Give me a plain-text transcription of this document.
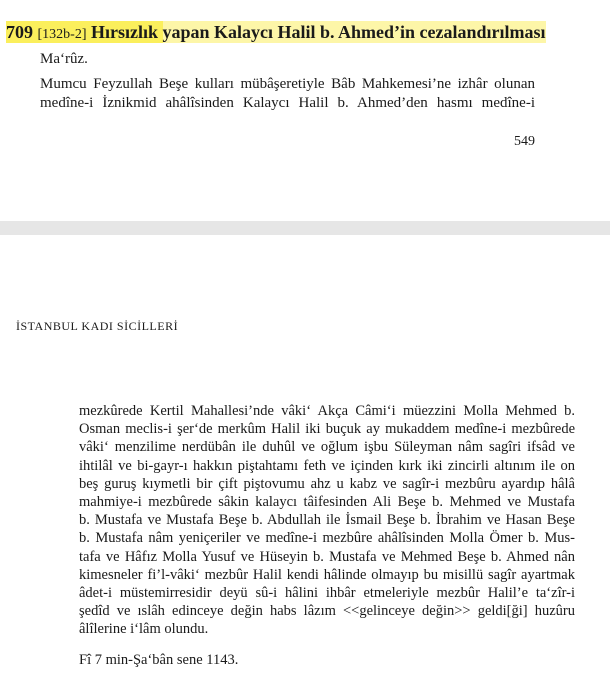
709 [132b-2] Hırsızlık yapan Kalaycı Halil b. Ahmed’in cezalandırılması
Ma‘rûz.
Mumcu Feyzullah Beşe kulları mübâşeretiyle Bâb Mahkemesi’ne izhâr olunan
medîne-i İznikmid ahâlîsinden Kalaycı Halil b. Ahmed’den hasmı medîne-i
549
İSTANBUL KADI SİCİLLERİ
mezkûrede Kertil Mahallesi’nde vâki‘ Akça Câmi‘i müezzini Molla Mehmed b.
Osman meclis-i şer‘de merkûm Halil iki buçuk ay mukaddem medîne-i mezbûrede
vâki‘ menzilime nerdübân ile duhûl ve oğlum işbu Süleyman nâm sagîri ifsâd ve
ihtilâl ve bi-gayr-ı hakkın piştahtamı feth ve içinden kırk iki zincirli altınım ile on
beş guruş kıymetli bir çift piştovumu ahz u kabz ve sagîr-i mezbûru ayardıp hâlâ
mahmiye-i mezbûrede sâkin kalaycı tâifesinden Ali Beşe b. Mehmed ve Mustafa
b. Mustafa ve Mustafa Beşe b. Abdullah ile İsmail Beşe b. İbrahim ve Hasan Beşe
b. Mustafa nâm yeniçeriler ve medîne-i mezbûre ahâlîsinden Molla Ömer b. Mus-
tafa ve Hâfız Molla Yusuf ve Hüseyin b. Mustafa ve Mehmed Beşe b. Ahmed nân
kimesneler fi’l-vâki‘ mezbûr Halil kendi hâlinde olmayıp bu misillü sagîr ayartmak
âdet-i müstemirresidir deyü sû-i hâlini ihbâr etmeleriyle mezbûr Halil’e ta‘zîr-i
şedîd ve ıslâh edinceye değin habs lâzım <<gelinceye değin>> geldi[ği] huzûru
âlîlerine i‘lâm olundu.
Fî 7 min-Şa‘bân sene 1143.
